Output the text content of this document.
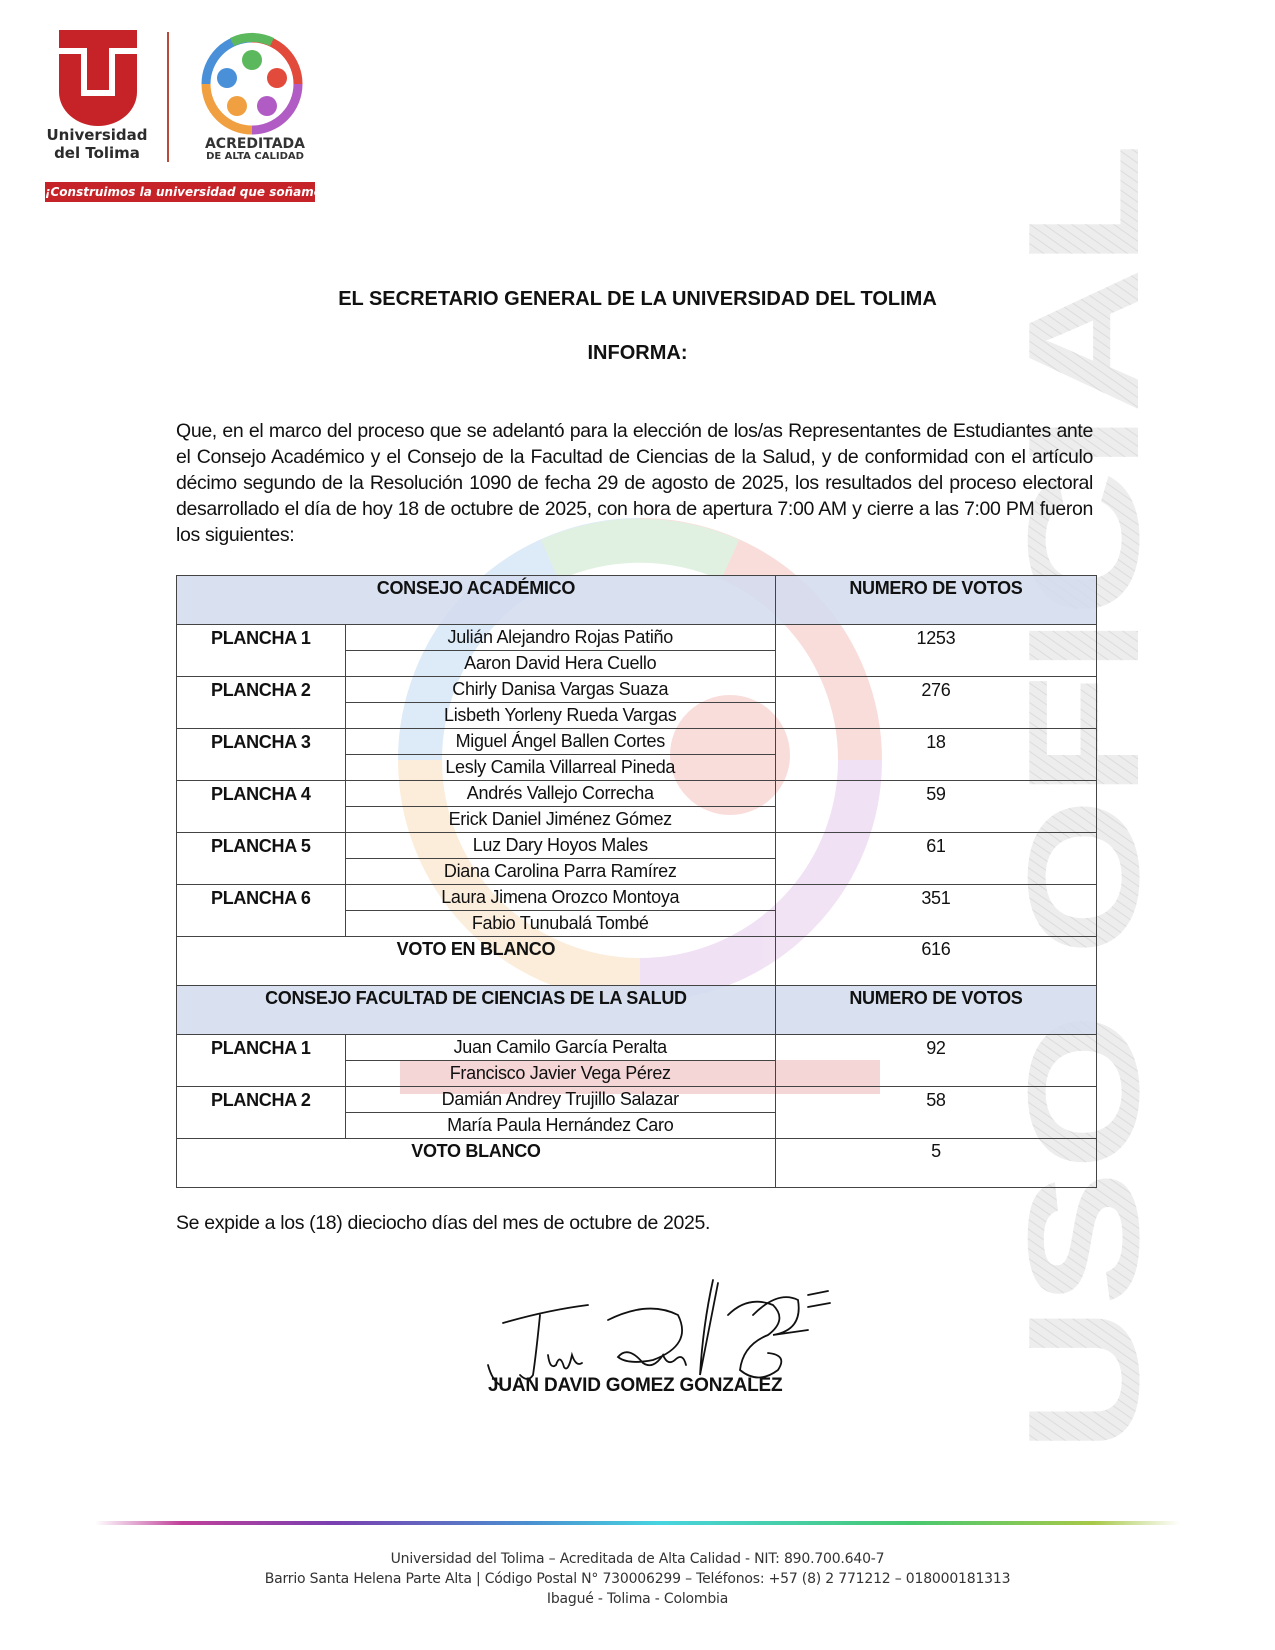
USO OFICIAL
Universidad
del Tolima	ACREDITADA
DE ALTA CALIDAD
¡Construimos la universidad que soñamos!
EL SECRETARIO GENERAL DE LA UNIVERSIDAD DEL TOLIMA
INFORMA:
Que, en el marco del proceso que se adelantó para la elección de los/as Representantes de Estudiantes ante el Consejo Académico y el Consejo de la Facultad de Ciencias de la Salud, y de conformidad con el artículo décimo segundo de la Resolución 1090 de fecha 29 de agosto de 2025, los resultados del proceso electoral desarrollado el día de hoy 18 de octubre de 2025, con hora de apertura 7:00 AM y cierre a las 7:00 PM fueron los siguientes:
CONSEJO ACADÉMICO		NUMERO DE VOTOS
PLANCHA 1	Julián Alejandro Rojas Patiño	1253
	Aaron David Hera Cuello	
PLANCHA 2	Chirly Danisa Vargas Suaza	276
	Lisbeth Yorleny Rueda Vargas	
PLANCHA 3	Miguel Ángel Ballen Cortes	18
	Lesly Camila Villarreal Pineda	
PLANCHA 4	Andrés Vallejo Correcha	59
	Erick Daniel Jiménez Gómez	
PLANCHA 5	Luz Dary Hoyos Males	61
	Diana Carolina Parra Ramírez	
PLANCHA 6	Laura Jimena Orozco Montoya	351
	Fabio Tunubalá Tombé	
VOTO EN BLANCO		616
CONSEJO FACULTAD DE CIENCIAS DE LA SALUD		NUMERO DE VOTOS
PLANCHA 1	Juan Camilo García Peralta	92
	Francisco Javier Vega Pérez	
PLANCHA 2	Damián Andrey Trujillo Salazar	58
	María Paula Hernández Caro	
VOTO BLANCO		5
Se expide a los (18) dieciocho días del mes de octubre de 2025.
JUAN DAVID GOMEZ GONZALEZ
Universidad del Tolima – Acreditada de Alta Calidad - NIT: 890.700.640-7
Barrio Santa Helena Parte Alta | Código Postal N° 730006299 – Teléfonos: +57 (8) 2 771212 – 018000181313
Ibagué - Tolima - Colombia
